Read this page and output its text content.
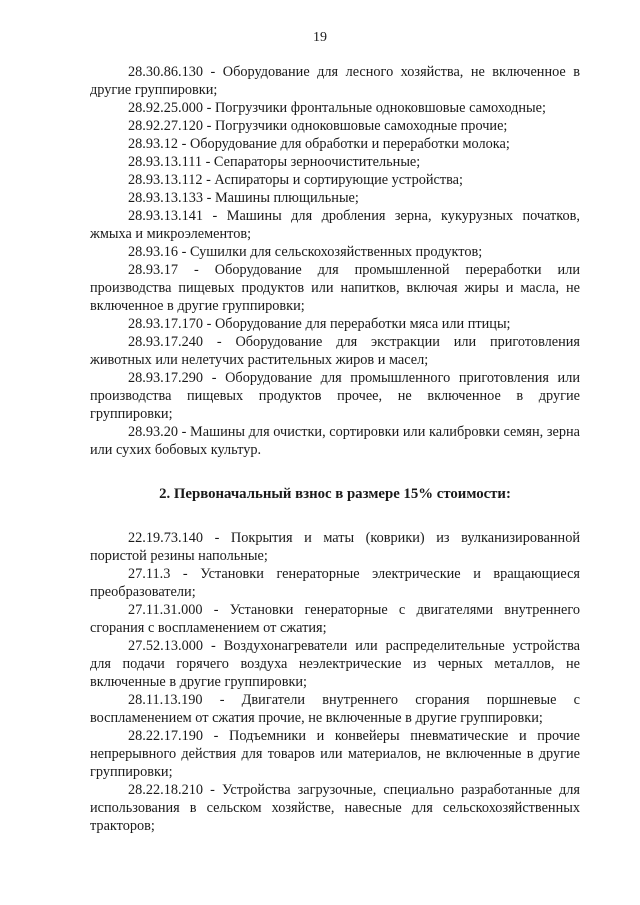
19

28.30.86.130 - Оборудование для лесного хозяйства, не включенное в другие группировки;

28.92.25.000 - Погрузчики фронтальные одноковшовые самоходные;

28.92.27.120 - Погрузчики одноковшовые самоходные прочие;

28.93.12 - Оборудование для обработки и переработки молока;

28.93.13.111 - Сепараторы зерноочистительные;

28.93.13.112 - Аспираторы и сортирующие устройства;

28.93.13.133 - Машины плющильные;

28.93.13.141 - Машины для дробления зерна, кукурузных початков, жмыха и микроэлементов;

28.93.16 - Сушилки для сельскохозяйственных продуктов;

28.93.17 - Оборудование для промышленной переработки или производства пищевых продуктов или напитков, включая жиры и масла, не включенное в другие группировки;

28.93.17.170 - Оборудование для переработки мяса или птицы;

28.93.17.240 - Оборудование для экстракции или приготовления животных или нелетучих растительных жиров и масел;

28.93.17.290 - Оборудование для промышленного приготовления или производства пищевых продуктов прочее, не включенное в другие группировки;

28.93.20 - Машины для очистки, сортировки или калибровки семян, зерна или сухих бобовых культур.

2. Первоначальный взнос в размере 15% стоимости:

22.19.73.140 - Покрытия и маты (коврики) из вулканизированной пористой резины напольные;

27.11.3 - Установки генераторные электрические и вращающиеся преобразователи;

27.11.31.000 - Установки генераторные с двигателями внутреннего сгорания с воспламенением от сжатия;

27.52.13.000 - Воздухонагреватели или распределительные устройства для подачи горячего воздуха неэлектрические из черных металлов, не включенные в другие группировки;

28.11.13.190 - Двигатели внутреннего сгорания поршневые с воспламенением от сжатия прочие, не включенные в другие группировки;

28.22.17.190 - Подъемники и конвейеры пневматические и прочие непрерывного действия для товаров или материалов, не включенные в другие группировки;

28.22.18.210 - Устройства загрузочные, специально разработанные для использования в сельском хозяйстве, навесные для сельскохозяйственных тракторов;
